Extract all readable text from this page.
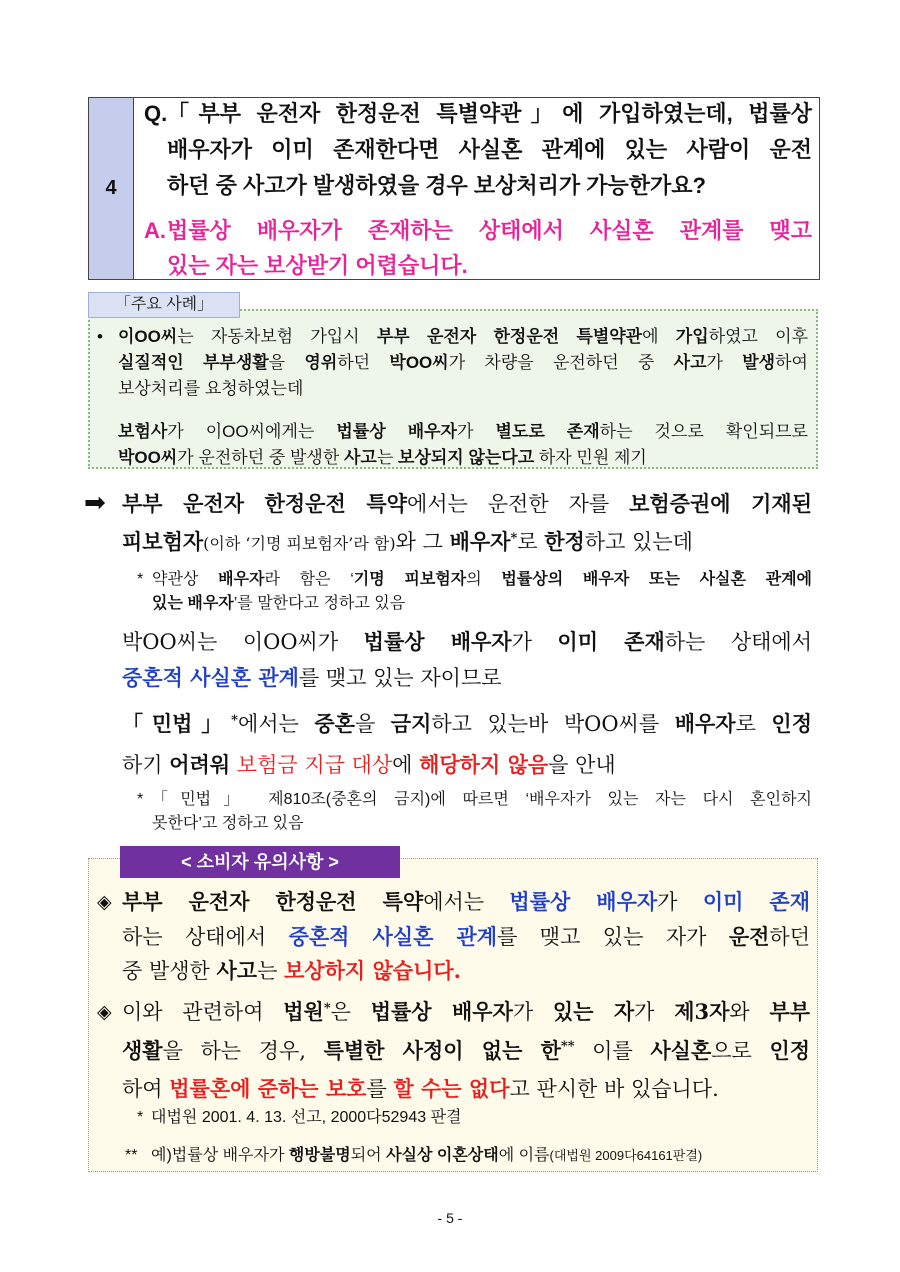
4
Q. 「부부 운전자 한정운전 특별약관」에 가입하였는데, 법률상
배우자가 이미 존재한다면 사실혼 관계에 있는 사람이 운전
하던 중 사고가 발생하였을 경우 보상처리가 가능한가요?
A. 법률상 배우자가 존재하는 상태에서 사실혼 관계를 맺고
있는 자는 보상받기 어렵습니다.
「주요 사례」
• 이OO씨는 자동차보험 가입시 부부 운전자 한정운전 특별약관에 가입하였고 이후
실질적인 부부생활을 영위하던 박OO씨가 차량을 운전하던 중 사고가 발생하여
보상처리를 요청하였는데
보험사가 이OO씨에게는 법률상 배우자가 별도로 존재하는 것으로 확인되므로
박OO씨가 운전하던 중 발생한 사고는 보상되지 않는다고 하자 민원 제기
➡ 부부 운전자 한정운전 특약에서는 운전한 자를 보험증권에 기재된
피보험자(이하 ‘기명 피보험자’라 함)와 그 배우자*로 한정하고 있는데
* 약관상 배우자라 함은 ‘기명 피보험자의 법률상의 배우자 또는 사실혼 관계에
있는 배우자’를 말한다고 정하고 있음
박OO씨는 이OO씨가 법률상 배우자가 이미 존재하는 상태에서
중혼적 사실혼 관계를 맺고 있는 자이므로
「민법」*에서는 중혼을 금지하고 있는바 박OO씨를 배우자로 인정
하기 어려워 보험금 지급 대상에 해당하지 않음을 안내
* 「민법」 제810조(중혼의 금지)에 따르면 ‘배우자가 있는 자는 다시 혼인하지
못한다’고 정하고 있음
< 소비자 유의사항 >
◈ 부부 운전자 한정운전 특약에서는 법률상 배우자가 이미 존재
하는 상태에서 중혼적 사실혼 관계를 맺고 있는 자가 운전하던
중 발생한 사고는 보상하지 않습니다.
◈ 이와 관련하여 법원*은 법률상 배우자가 있는 자가 제3자와 부부
생활을 하는 경우, 특별한 사정이 없는 한** 이를 사실혼으로 인정
하여 법률혼에 준하는 보호를 할 수는 없다고 판시한 바 있습니다.
* 대법원 2001. 4. 13. 선고, 2000다52943 판결
** 예)법률상 배우자가 행방불명되어 사실상 이혼상태에 이름(대법원 2009다64161판결)
- 5 -
